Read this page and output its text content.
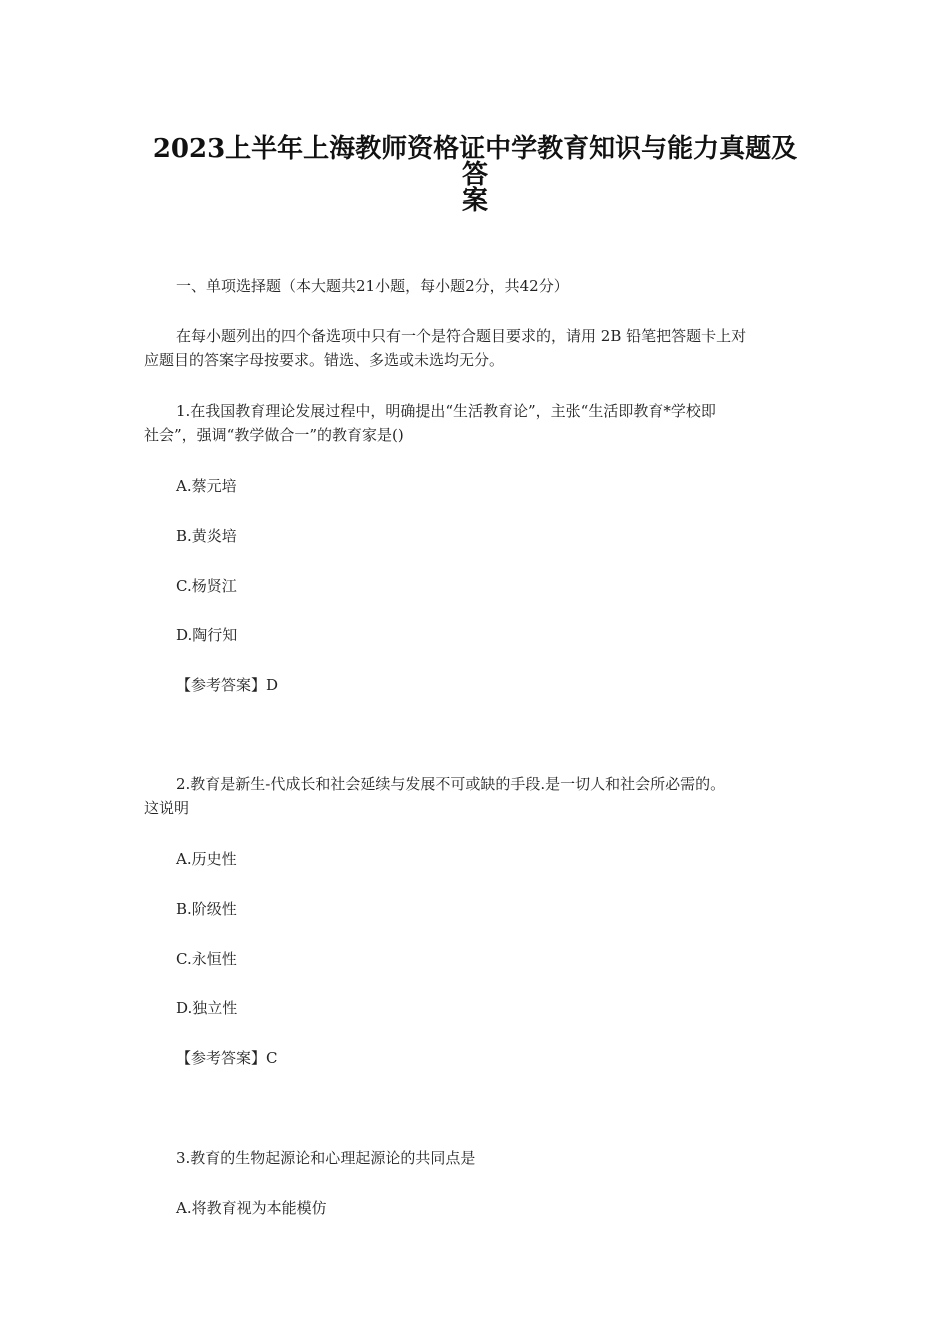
2023上半年上海教师资格证中学教育知识与能力真题及答
案
一、单项选择题（本大题共21小题，每小题2分，共42分）
在每小题列出的四个备选项中只有一个是符合题目要求的，请用 2B 铅笔把答题卡上对
应题目的答案字母按要求。错选、多选或未选均无分。
1.在我国教育理论发展过程中，明确提出“生活教育论”，主张“生活即教育*学校即
社会”，强调“教学做合一”的教育家是()
A.蔡元培
B.黄炎培
C.杨贤江
D.陶行知
【参考答案】D
2.教育是新生-代成长和社会延续与发展不可或缺的手段.是一切人和社会所必需的。
这说明
A.历史性
B.阶级性
C.永恒性
D.独立性
【参考答案】C
3.教育的生物起源论和心理起源论的共同点是
A.将教育视为本能模仿
